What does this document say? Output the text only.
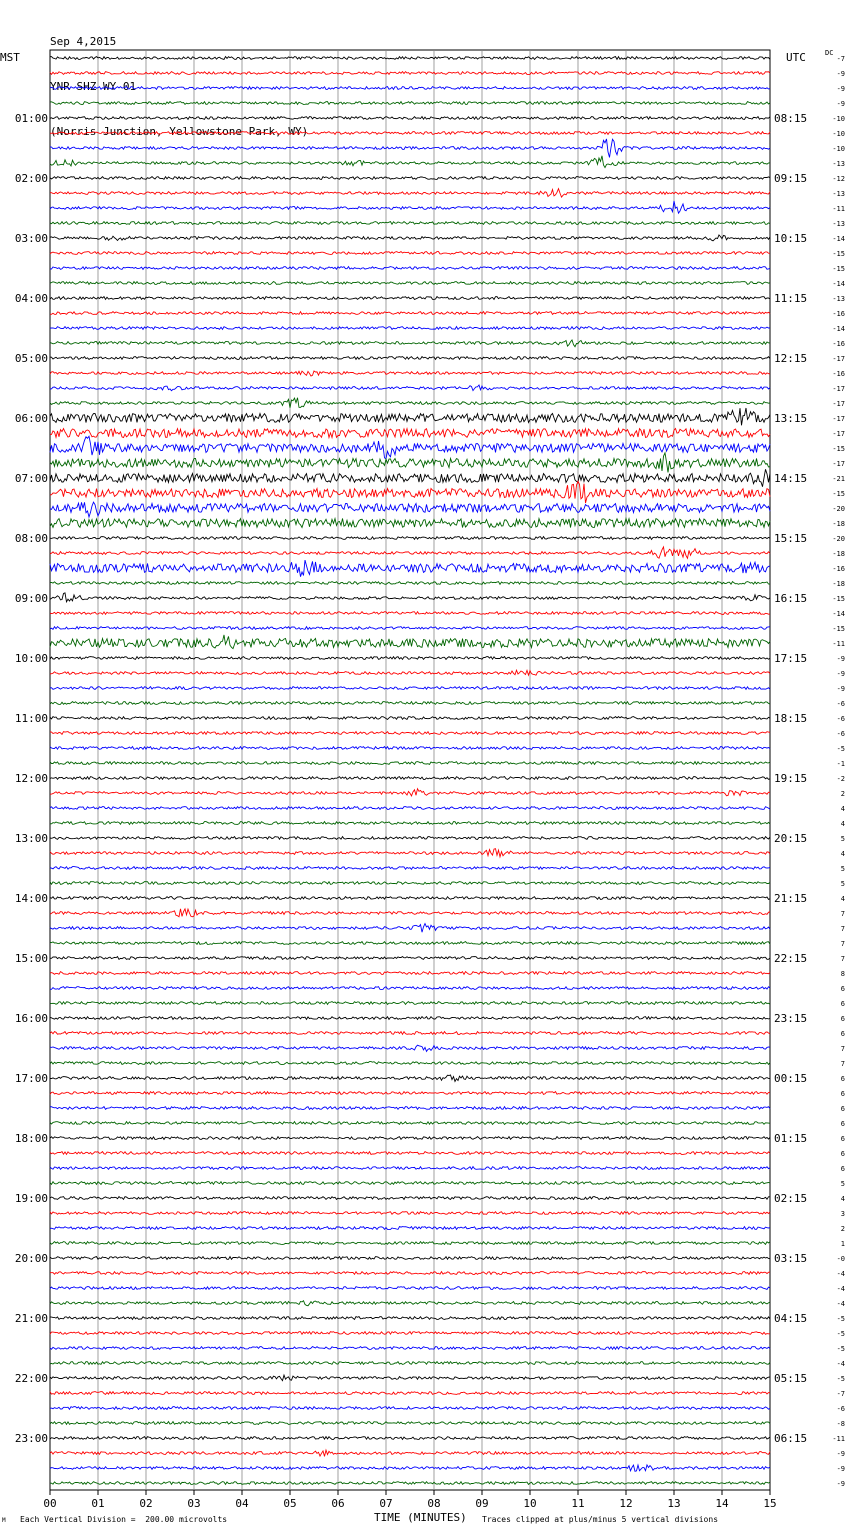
Sep 4,2015

YNR SHZ WY 01

(Norris Junction, Yellowstone Park, WY)

MST	UTC	DC
00	01	02	03	04	05	06	07	08	09	10	11	12	13	14	15
01:00
02:00
03:00
04:00
05:00
06:00
07:00
08:00
09:00
10:00
11:00
12:00
13:00
14:00
15:00
16:00
17:00
18:00
19:00
20:00
21:00
22:00
23:00
08:15
09:15
10:15
11:15
12:15
13:15
14:15
15:15
16:15
17:15
18:15
19:15
20:15
21:15
22:15
23:15
00:15
01:15
02:15
03:15
04:15
05:15
06:15
-7
-9
-9
-9
-10
-10
-10
-13
-12
-13
-11
-13
-14
-15
-15
-14
-13
-16
-14
-16
-17
-16
-17
-17
-17
-17
-15
-17
-21
-15
-20
-18
-20
-18
-16
-18
-15
-14
-15
-11
-9
-9
-9
-6
-6
-6
-5
-1
-2
2
4
4
5
4
5
5
4
7
7
7
7
8
6
6
6
6
7
7
6
6
6
6
6
6
6
5
4
3
2
1
-0
-4
-4
-4
-5
-5
-5
-4
-5
-7
-6
-8
-11
-9
-9
-9
M Each Vertical Division =  200.00 microvolts	TIME (MINUTES) Traces clipped at plus/minus 5 vertical divisions
